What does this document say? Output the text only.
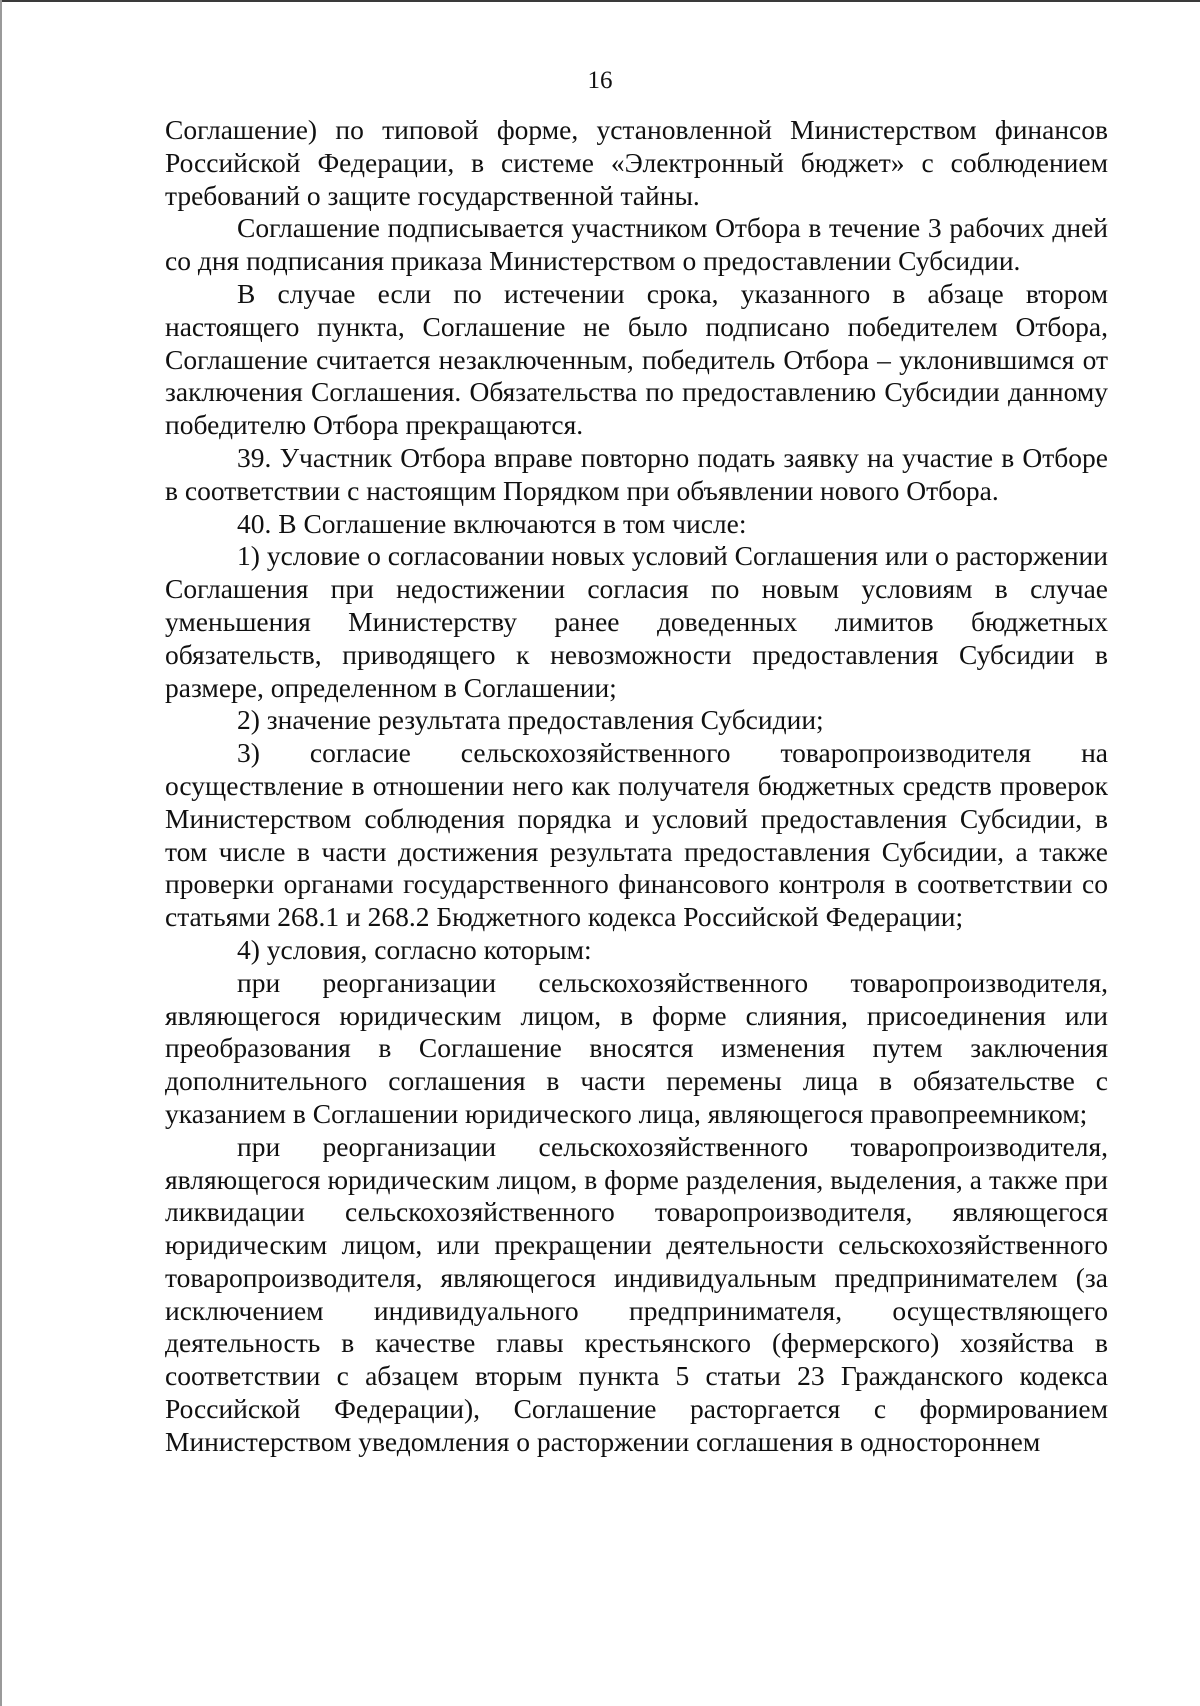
16

Соглашение) по типовой форме, установленной Министерством финансов Российской Федерации, в системе «Электронный бюджет» с соблюдением требований о защите государственной тайны.

Соглашение подписывается участником Отбора в течение 3 рабочих дней со дня подписания приказа Министерством о предоставлении Субсидии.

В случае если по истечении срока, указанного в абзаце втором настоящего пункта, Соглашение не было подписано победителем Отбора, Соглашение считается незаключенным, победитель Отбора – уклонившимся от заключения Соглашения. Обязательства по предоставлению Субсидии данному победителю Отбора прекращаются.

39. Участник Отбора вправе повторно подать заявку на участие в Отборе в соответствии с настоящим Порядком при объявлении нового Отбора.

40. В Соглашение включаются в том числе:

1) условие о согласовании новых условий Соглашения или о расторжении Соглашения при недостижении согласия по новым условиям в случае уменьшения Министерству ранее доведенных лимитов бюджетных обязательств, приводящего к невозможности предоставления Субсидии в размере, определенном в Соглашении;

2) значение результата предоставления Субсидии;

3) согласие сельскохозяйственного товаропроизводителя на осуществление в отношении него как получателя бюджетных средств проверок Министерством соблюдения порядка и условий предоставления Субсидии, в том числе в части достижения результата предоставления Субсидии, а также проверки органами государственного финансового контроля в соответствии со статьями 268.1 и 268.2 Бюджетного кодекса Российской Федерации;

4) условия, согласно которым:

при реорганизации сельскохозяйственного товаропроизводителя, являющегося юридическим лицом, в форме слияния, присоединения или преобразования в Соглашение вносятся изменения путем заключения дополнительного соглашения в части перемены лица в обязательстве с указанием в Соглашении юридического лица, являющегося правопреемником;

при реорганизации сельскохозяйственного товаропроизводителя, являющегося юридическим лицом, в форме разделения, выделения, а также при ликвидации сельскохозяйственного товаропроизводителя, являющегося юридическим лицом, или прекращении деятельности сельскохозяйственного товаропроизводителя, являющегося индивидуальным предпринимателем (за исключением индивидуального предпринимателя, осуществляющего деятельность в качестве главы крестьянского (фермерского) хозяйства в соответствии с абзацем вторым пункта 5 статьи 23 Гражданского кодекса Российской Федерации), Соглашение расторгается с формированием Министерством уведомления о расторжении соглашения в одностороннем
